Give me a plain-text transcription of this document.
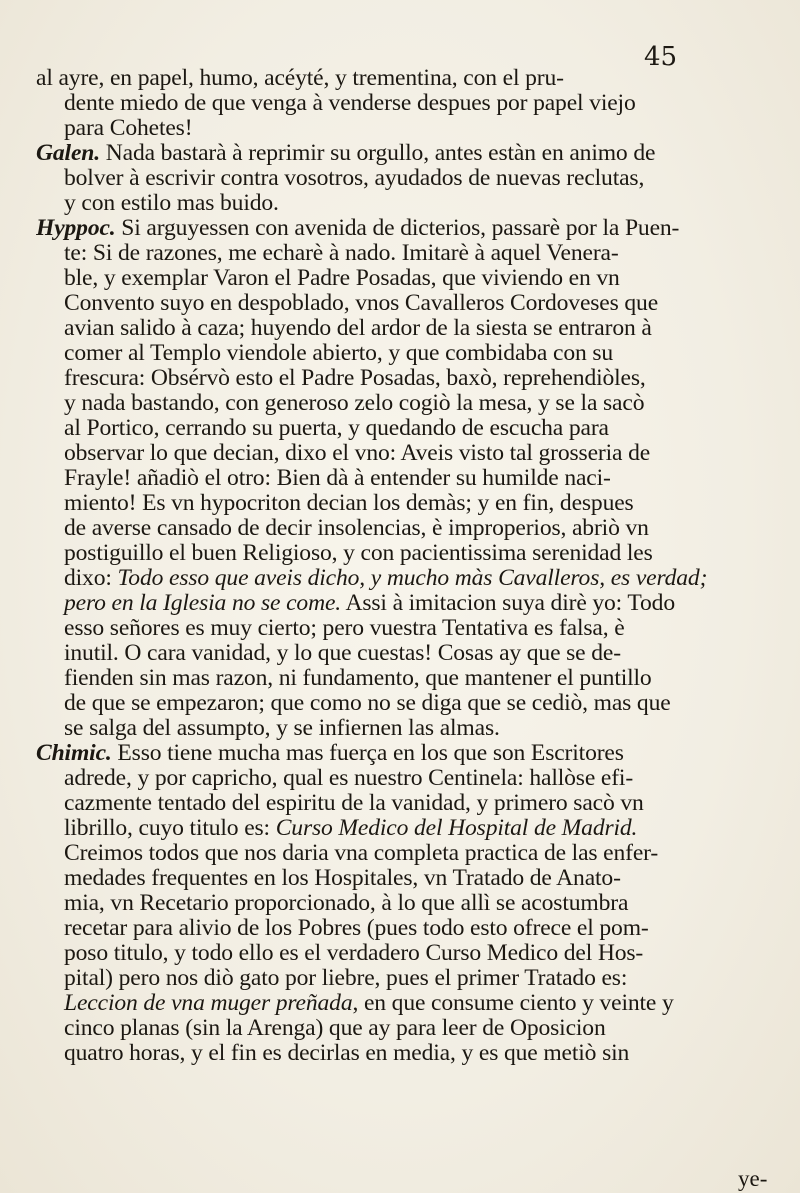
45
al ayre, en papel, humo, acéyté, y trementina, con el pru-
dente miedo de que venga à venderse despues por papel viejo
para Cohetes!
Galen. Nada bastarà à reprimir su orgullo, antes estàn en animo de
bolver à escrivir contra vosotros, ayudados de nuevas reclutas,
y con estilo mas buido.
Hyppoc. Si arguyessen con avenida de dicterios, passarè por la Puen-
te: Si de razones, me echarè à nado. Imitarè à aquel Venera-
ble, y exemplar Varon el Padre Posadas, que viviendo en vn
Convento suyo en despoblado, vnos Cavalleros Cordoveses que
avian salido à caza; huyendo del ardor de la siesta se entraron à
comer al Templo viendole abierto, y que combidaba con su
frescura: Obsérvò esto el Padre Posadas, baxò, reprehendiòles,
y nada bastando, con generoso zelo cogiò la mesa, y se la sacò
al Portico, cerrando su puerta, y quedando de escucha para
observar lo que decian, dixo el vno: Aveis visto tal grosseria de
Frayle! añadiò el otro: Bien dà à entender su humilde naci-
miento! Es vn hypocriton decian los demàs; y en fin, despues
de averse cansado de decir insolencias, è improperios, abriò vn
postiguillo el buen Religioso, y con pacientissima serenidad les
dixo: Todo esso que aveis dicho, y mucho màs Cavalleros, es verdad;
pero en la Iglesia no se come. Assi à imitacion suya dirè yo: Todo
esso señores es muy cierto; pero vuestra Tentativa es falsa, è
inutil. O cara vanidad, y lo que cuestas! Cosas ay que se de-
fienden sin mas razon, ni fundamento, que mantener el puntillo
de que se empezaron; que como no se diga que se cediò, mas que
se salga del assumpto, y se infiernen las almas.
Chimic. Esso tiene mucha mas fuerça en los que son Escritores
adrede, y por capricho, qual es nuestro Centinela: hallòse efi-
cazmente tentado del espiritu de la vanidad, y primero sacò vn
librillo, cuyo titulo es: Curso Medico del Hospital de Madrid.
Creimos todos que nos daria vna completa practica de las enfer-
medades frequentes en los Hospitales, vn Tratado de Anato-
mia, vn Recetario proporcionado, à lo que allì se acostumbra
recetar para alivio de los Pobres (pues todo esto ofrece el pom-
poso titulo, y todo ello es el verdadero Curso Medico del Hos-
pital) pero nos diò gato por liebre, pues el primer Tratado es:
Leccion de vna muger preñada, en que consume ciento y veinte y
cinco planas (sin la Arenga) que ay para leer de Oposicion
quatro horas, y el fin es decirlas en media, y es que metiò sin
ye-
